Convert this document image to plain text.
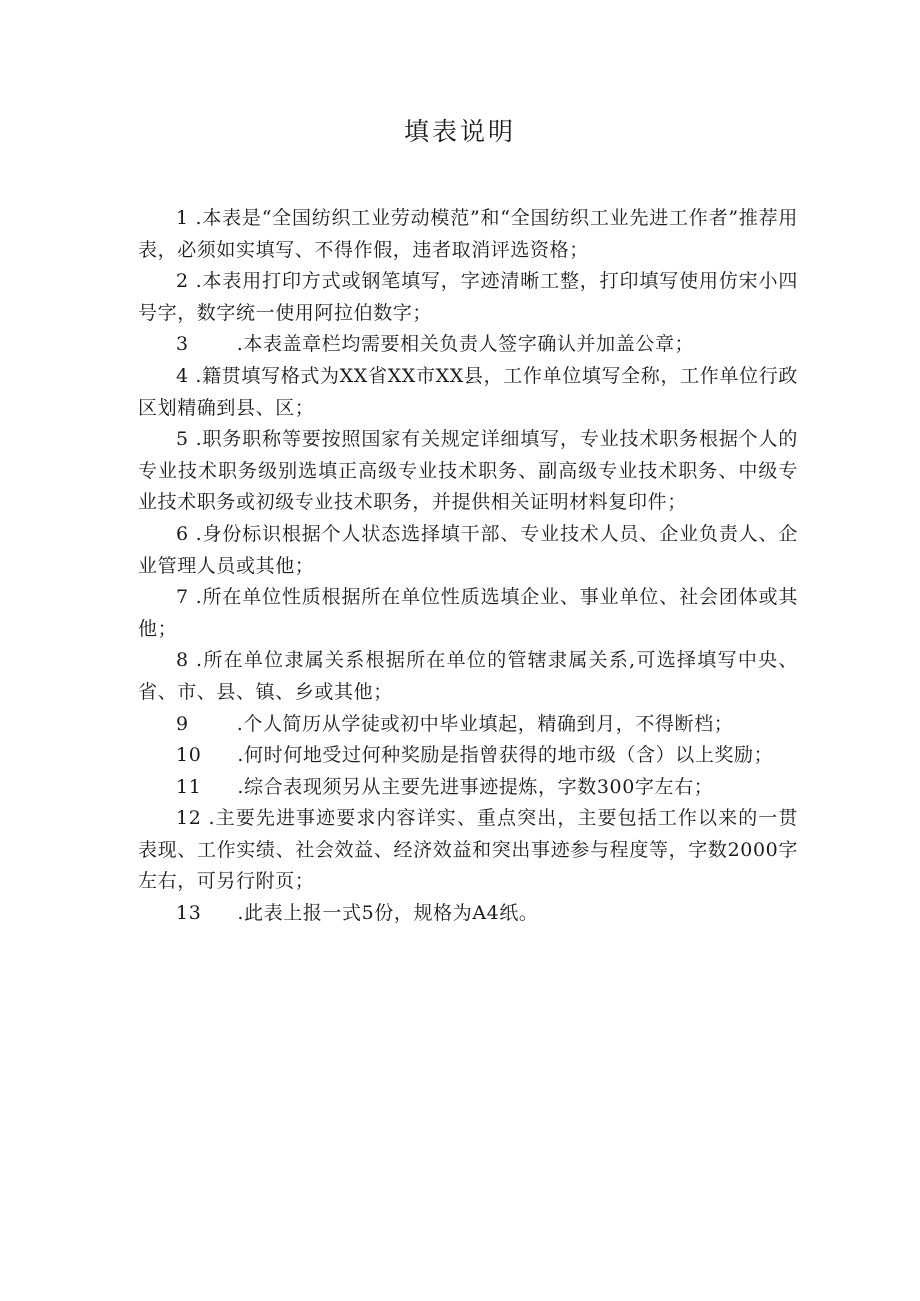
填表说明
1 .本表是“全国纺织工业劳动模范”和“全国纺织工业先进工作者”推荐用表，必须如实填写、不得作假，违者取消评选资格；
2 .本表用打印方式或钢笔填写，字迹清晰工整，打印填写使用仿宋小四号字，数字统一使用阿拉伯数字；
3	.本表盖章栏均需要相关负责人签字确认并加盖公章；
4 .籍贯填写格式为XX省XX市XX县，工作单位填写全称，工作单位行政区划精确到县、区；
5 .职务职称等要按照国家有关规定详细填写，专业技术职务根据个人的专业技术职务级别选填正高级专业技术职务、副高级专业技术职务、中级专业技术职务或初级专业技术职务，并提供相关证明材料复印件；
6 .身份标识根据个人状态选择填干部、专业技术人员、企业负责人、企业管理人员或其他；
7 .所在单位性质根据所在单位性质选填企业、事业单位、社会团体或其他；
8 .所在单位隶属关系根据所在单位的管辖隶属关系,可选择填写中央、省、市、县、镇、乡或其他；
9	.个人简历从学徒或初中毕业填起，精确到月，不得断档；
10 .何时何地受过何种奖励是指曾获得的地市级（含）以上奖励；
11 .综合表现须另从主要先进事迹提炼，字数300字左右；
12 .主要先进事迹要求内容详实、重点突出，主要包括工作以来的一贯表现、工作实绩、社会效益、经济效益和突出事迹参与程度等，字数2000字左右，可另行附页；
13 .此表上报一式5份，规格为A4纸。
